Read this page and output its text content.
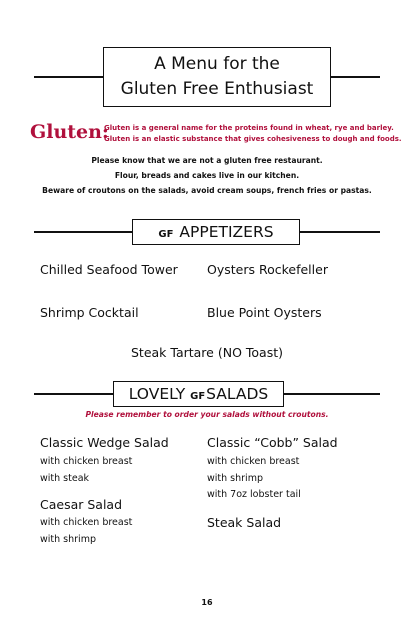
A Menu for the
Gluten Free Enthusiast
Gluten:
Gluten is a general name for the proteins found in wheat, rye and barley.
Gluten is an elastic substance that gives cohesiveness to dough and foods.
Please know that we are not a gluten free restaurant.
Flour, breads and cakes live in our kitchen.
Beware of croutons on the salads, avoid cream soups, french fries or pastas.
GF APPETIZERS
Chilled Seafood Tower Oysters Rockefeller
Shrimp Cocktail	Blue Point Oysters
Steak Tartare (NO Toast)
LOVELY GFSALADS
Please remember to order your salads without croutons.
Classic Wedge Salad
with chicken breast
with steak
Caesar Salad
with chicken breast
with shrimp
Classic “Cobb” Salad
with chicken breast
with shrimp
with 7oz lobster tail
Steak Salad
16
